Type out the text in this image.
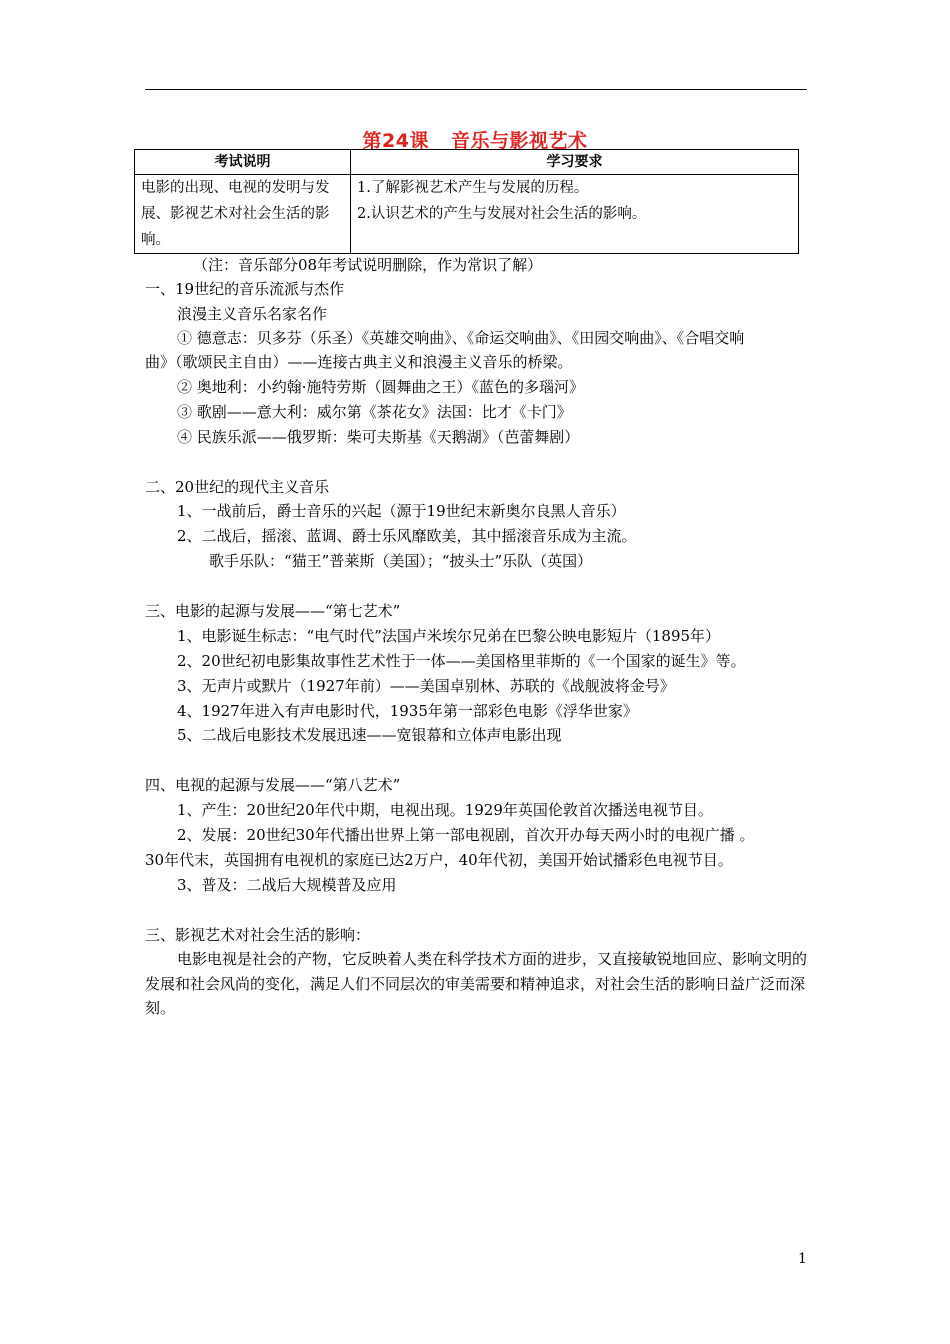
第24课 音乐与影视艺术
考试说明	学习要求

电影的出现、电视的发明与发展、影视艺术对社会生活的影响。	1.了解影视艺术产生与发展的历程。
2.认识艺术的产生与发展对社会生活的影响。
（注：音乐部分08年考试说明删除，作为常识了解）
一、19世纪的音乐流派与杰作
浪漫主义音乐名家名作
① 德意志：贝多芬（乐圣）《英雄交响曲》、《命运交响曲》、《田园交响曲》、《合唱交响
曲》（歌颂民主自由）——连接古典主义和浪漫主义音乐的桥梁。
② 奥地利：小约翰·施特劳斯（圆舞曲之王）《蓝色的多瑙河》
③ 歌剧——意大利：威尔第《茶花女》法国：比才《卡门》
④ 民族乐派——俄罗斯：柴可夫斯基《天鹅湖》（芭蕾舞剧）
二、20世纪的现代主义音乐
1、一战前后，爵士音乐的兴起（源于19世纪末新奥尔良黑人音乐）
2、二战后，摇滚、蓝调、爵士乐风靡欧美，其中摇滚音乐成为主流。
歌手乐队：“猫王”普莱斯（美国）；“披头士”乐队（英国）
三、电影的起源与发展——“第七艺术”
1、电影诞生标志：“电气时代”法国卢米埃尔兄弟在巴黎公映电影短片（1895年）
2、20世纪初电影集故事性艺术性于一体——美国格里菲斯的《一个国家的诞生》等。
3、无声片或默片（1927年前）——美国卓别林、苏联的《战舰波将金号》
4、1927年进入有声电影时代，1935年第一部彩色电影《浮华世家》
5、二战后电影技术发展迅速——宽银幕和立体声电影出现
四、电视的起源与发展——“第八艺术”
1、产生：20世纪20年代中期，电视出现。1929年英国伦敦首次播送电视节目。
2、发展：20世纪30年代播出世界上第一部电视剧，首次开办每天两小时的电视广播 。
30年代末，英国拥有电视机的家庭已达2万户，40年代初，美国开始试播彩色电视节目。
3、普及：二战后大规模普及应用
三、影视艺术对社会生活的影响：
电影电视是社会的产物，它反映着人类在科学技术方面的进步，又直接敏锐地回应、影响文明的发展和社会风尚的变化，满足人们不同层次的审美需要和精神追求，对社会生活的影响日益广泛而深刻。
1
